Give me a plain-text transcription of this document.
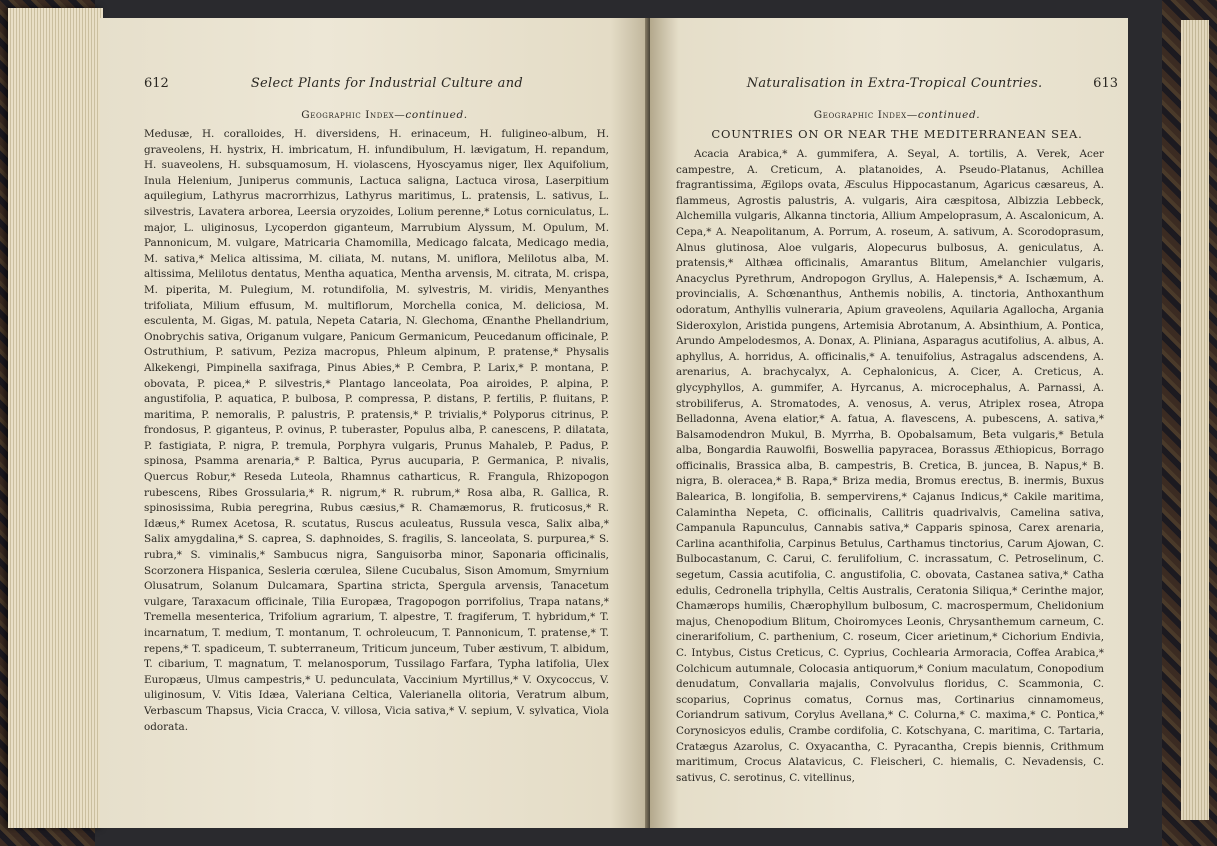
612	Select Plants for Industrial Culture and
Geographic Index—continued.

Medusæ, H. coralloides, H. diversidens, H. erinaceum, H. fuligineo-album, H. graveolens, H. hystrix, H. imbricatum, H. infundibulum, H. lævigatum, H. repandum, H. suaveolens, H. subsquamosum, H. violascens, Hyoscyamus niger, Ilex Aquifolium, Inula Helenium, Juniperus communis, Lactuca saligna, Lactuca virosa, Laserpitium aquilegium, Lathyrus macrorrhizus, Lathyrus maritimus, L. pratensis, L. sativus, L. silvestris, Lavatera arborea, Leersia oryzoides, Lolium perenne,* Lotus corniculatus, L. major, L. uliginosus, Lycoperdon giganteum, Marrubium Alyssum, M. Opulum, M. Pannonicum, M. vulgare, Matricaria Chamomilla, Medicago falcata, Medicago media, M. sativa,* Melica altissima, M. ciliata, M. nutans, M. uniflora, Melilotus alba, M. altissima, Melilotus dentatus, Mentha aquatica, Mentha arvensis, M. citrata, M. crispa, M. piperita, M. Pulegium, M. rotundifolia, M. sylvestris, M. viridis, Menyanthes trifoliata, Milium effusum, M. multiflorum, Morchella conica, M. deliciosa, M. esculenta, M. Gigas, M. patula, Nepeta Cataria, N. Glechoma, Œnanthe Phellandrium, Onobrychis sativa, Origanum vulgare, Panicum Germanicum, Peucedanum officinale, P. Ostruthium, P. sativum, Peziza macropus, Phleum alpinum, P. pratense,* Physalis Alkekengi, Pimpinella saxifraga, Pinus Abies,* P. Cembra, P. Larix,* P. montana, P. obovata, P. picea,* P. silvestris,* Plantago lanceolata, Poa airoides, P. alpina, P. angustifolia, P. aquatica, P. bulbosa, P. compressa, P. distans, P. fertilis, P. fluitans, P. maritima, P. nemoralis, P. palustris, P. pratensis,* P. trivialis,* Polyporus citrinus, P. frondosus, P. giganteus, P. ovinus, P. tuberaster, Populus alba, P. canescens, P. dilatata, P. fastigiata, P. nigra, P. tremula, Porphyra vulgaris, Prunus Mahaleb, P. Padus, P. spinosa, Psamma arenaria,* P. Baltica, Pyrus aucuparia, P. Germanica, P. nivalis, Quercus Robur,* Reseda Luteola, Rhamnus catharticus, R. Frangula, Rhizopogon rubescens, Ribes Grossularia,* R. nigrum,* R. rubrum,* Rosa alba, R. Gallica, R. spinosissima, Rubia peregrina, Rubus cæsius,* R. Chamæmorus, R. fruticosus,* R. Idæus,* Rumex Acetosa, R. scutatus, Ruscus aculeatus, Russula vesca, Salix alba,* Salix amygdalina,* S. caprea, S. daphnoides, S. fragilis, S. lanceolata, S. purpurea,* S. rubra,* S. viminalis,* Sambucus nigra, Sanguisorba minor, Saponaria officinalis, Scorzonera Hispanica, Sesleria cœrulea, Silene Cucubalus, Sison Amomum, Smyrnium Olusatrum, Solanum Dulcamara, Spartina stricta, Spergula arvensis, Tanacetum vulgare, Taraxacum officinale, Tilia Europæa, Tragopogon porrifolius, Trapa natans,* Tremella mesenterica, Trifolium agrarium, T. alpestre, T. fragiferum, T. hybridum,* T. incarnatum, T. medium, T. montanum, T. ochroleucum, T. Pannonicum, T. pratense,* T. repens,* T. spadiceum, T. subterraneum, Triticum junceum, Tuber æstivum, T. albidum, T. cibarium, T. magnatum, T. melanosporum, Tussilago Farfara, Typha latifolia, Ulex Europæus, Ulmus campestris,* U. pedunculata, Vaccinium Myrtillus,* V. Oxycoccus, V. uliginosum, V. Vitis Idæa, Valeriana Celtica, Valerianella olitoria, Veratrum album, Verbascum Thapsus, Vicia Cracca, V. villosa, Vicia sativa,* V. sepium, V. sylvatica, Viola odorata.

Naturalisation in Extra-Tropical Countries.	613
Geographic Index—continued.
COUNTRIES ON OR NEAR THE MEDITERRANEAN SEA.

Acacia Arabica,* A. gummifera, A. Seyal, A. tortilis, A. Verek, Acer campestre, A. Creticum, A. platanoides, A. Pseudo-Platanus, Achillea fragrantissima, Ægilops ovata, Æsculus Hippocastanum, Agaricus cæsareus, A. flammeus, Agrostis palustris, A. vulgaris, Aira cæspitosa, Albizzia Lebbeck, Alchemilla vulgaris, Alkanna tinctoria, Allium Ampeloprasum, A. Ascalonicum, A. Cepa,* A. Neapolitanum, A. Porrum, A. roseum, A. sativum, A. Scorodoprasum, Alnus glutinosa, Aloe vulgaris, Alopecurus bulbosus, A. geniculatus, A. pratensis,* Althæa officinalis, Amarantus Blitum, Amelanchier vulgaris, Anacyclus Pyrethrum, Andropogon Gryllus, A. Halepensis,* A. Ischæmum, A. provincialis, A. Schœnanthus, Anthemis nobilis, A. tinctoria, Anthoxanthum odoratum, Anthyllis vulneraria, Apium graveolens, Aquilaria Agallocha, Argania Sideroxylon, Aristida pungens, Artemisia Abrotanum, A. Absinthium, A. Pontica, Arundo Ampelodesmos, A. Donax, A. Pliniana, Asparagus acutifolius, A. albus, A. aphyllus, A. horridus, A. officinalis,* A. tenuifolius, Astragalus adscendens, A. arenarius, A. brachycalyx, A. Cephalonicus, A. Cicer, A. Creticus, A. glycyphyllos, A. gummifer, A. Hyrcanus, A. microcephalus, A. Parnassi, A. strobiliferus, A. Stromatodes, A. venosus, A. verus, Atriplex rosea, Atropa Belladonna, Avena elatior,* A. fatua, A. flavescens, A. pubescens, A. sativa,* Balsamodendron Mukul, B. Myrrha, B. Opobalsamum, Beta vulgaris,* Betula alba, Bongardia Rauwolfii, Boswellia papyracea, Borassus Æthiopicus, Borrago officinalis, Brassica alba, B. campestris, B. Cretica, B. juncea, B. Napus,* B. nigra, B. oleracea,* B. Rapa,* Briza media, Bromus erectus, B. inermis, Buxus Balearica, B. longifolia, B. sempervirens,* Cajanus Indicus,* Cakile maritima, Calamintha Nepeta, C. officinalis, Callitris quadrivalvis, Camelina sativa, Campanula Rapunculus, Cannabis sativa,* Capparis spinosa, Carex arenaria, Carlina acanthifolia, Carpinus Betulus, Carthamus tinctorius, Carum Ajowan, C. Bulbocastanum, C. Carui, C. ferulifolium, C. incrassatum, C. Petroselinum, C. segetum, Cassia acutifolia, C. angustifolia, C. obovata, Castanea sativa,* Catha edulis, Cedronella triphylla, Celtis Australis, Ceratonia Siliqua,* Cerinthe major, Chamærops humilis, Chærophyllum bulbosum, C. macrospermum, Chelidonium majus, Chenopodium Blitum, Choiromyces Leonis, Chrysanthemum carneum, C. cinerarifolium, C. parthenium, C. roseum, Cicer arietinum,* Cichorium Endivia, C. Intybus, Cistus Creticus, C. Cyprius, Cochlearia Armoracia, Coffea Arabica,* Colchicum autumnale, Colocasia antiquorum,* Conium maculatum, Conopodium denudatum, Convallaria majalis, Convolvulus floridus, C. Scammonia, C. scoparius, Coprinus comatus, Cornus mas, Cortinarius cinnamomeus, Coriandrum sativum, Corylus Avellana,* C. Colurna,* C. maxima,* C. Pontica,* Corynosicyos edulis, Crambe cordifolia, C. Kotschyana, C. maritima, C. Tartaria, Cratægus Azarolus, C. Oxyacantha, C. Pyracantha, Crepis biennis, Crithmum maritimum, Crocus Alatavicus, C. Fleischeri, C. hiemalis, C. Nevadensis, C. sativus, C. serotinus, C. vitellinus,
